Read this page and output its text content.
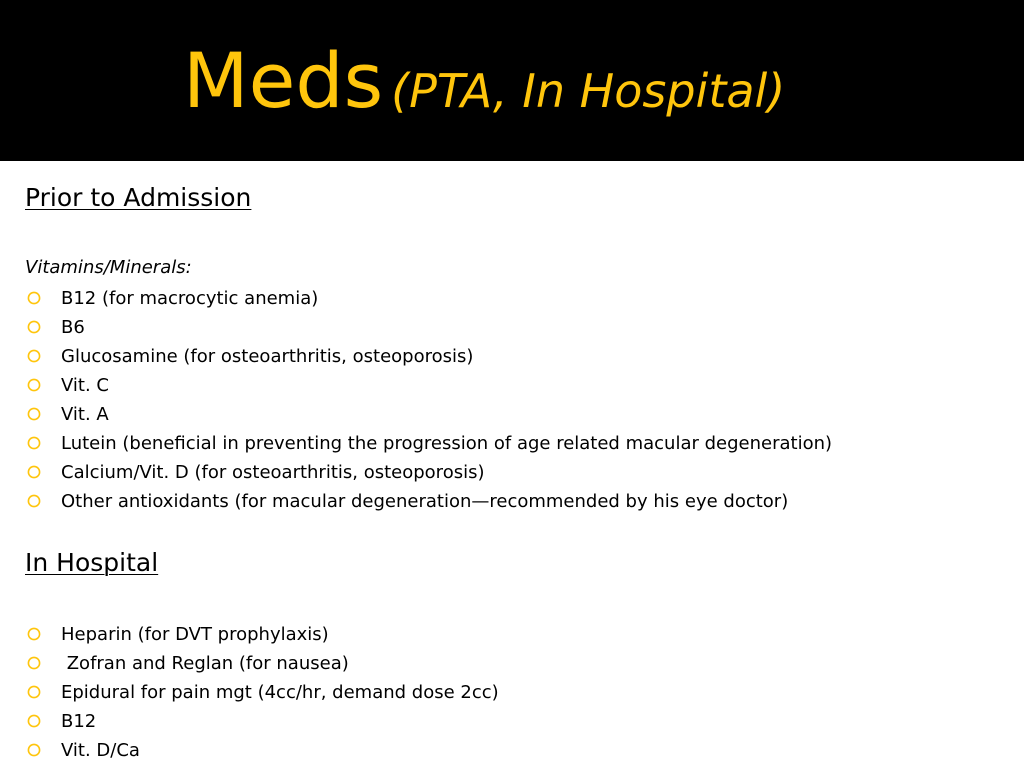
Meds (PTA, In Hospital)
Prior to Admission
Vitamins/Minerals:
B12 (for macrocytic anemia)
B6
Glucosamine (for osteoarthritis, osteoporosis)
Vit. C
Vit. A
Lutein (beneficial in preventing the progression of age related macular degeneration)
Calcium/Vit. D (for osteoarthritis, osteoporosis)
Other antioxidants (for macular degeneration—recommended by his eye doctor)
In Hospital
Heparin (for DVT prophylaxis)
Zofran and Reglan (for nausea)
Epidural for pain mgt (4cc/hr, demand dose 2cc)
B12
Vit. D/Ca
